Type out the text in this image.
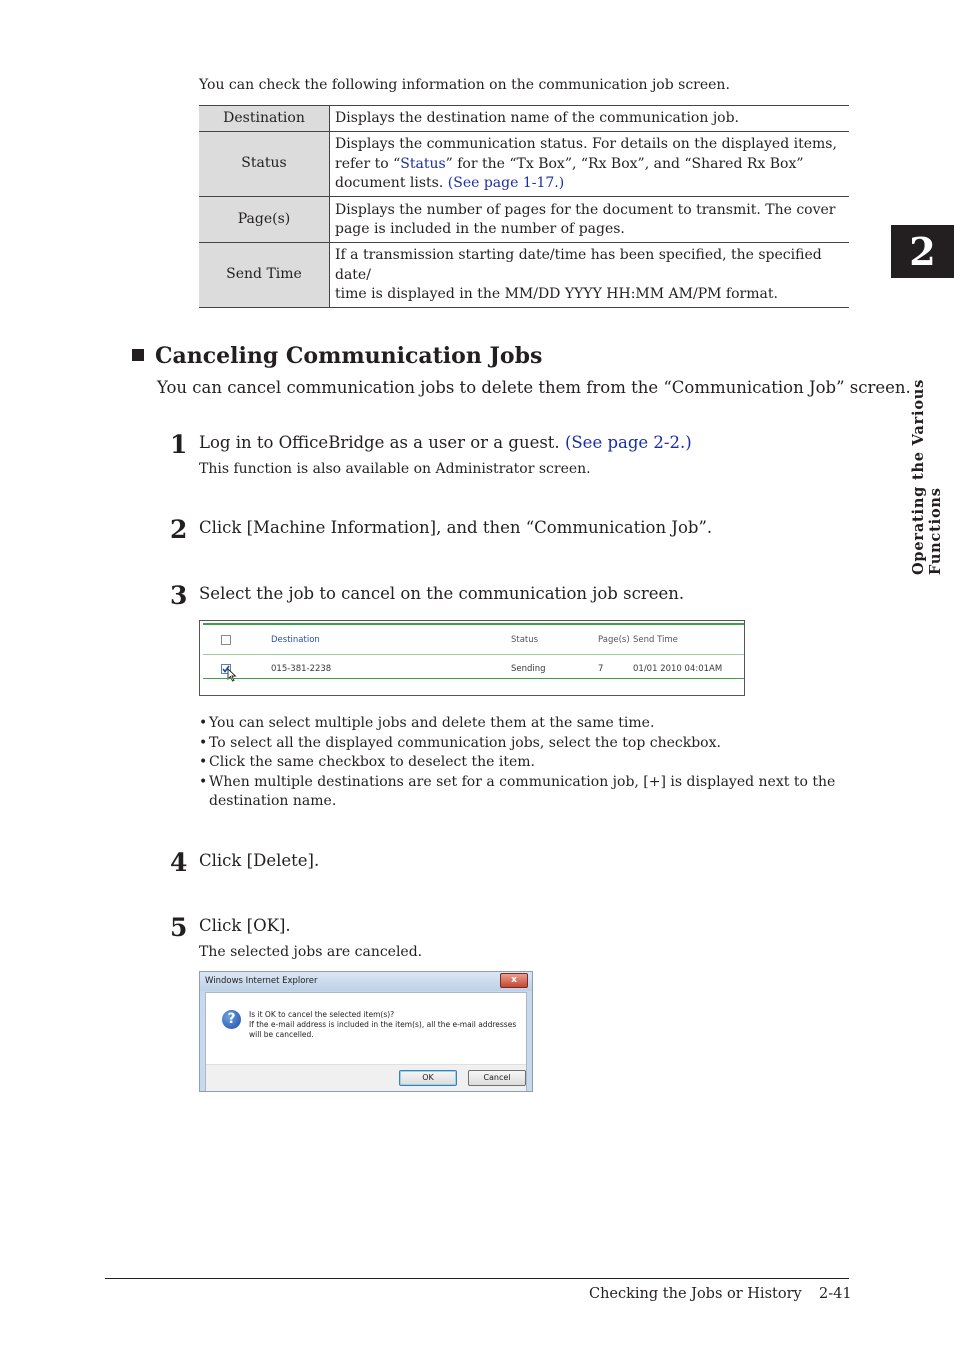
You can check the following information on the communication job screen.
Destination	Displays the destination name of the communication job.
Status	Displays the communication status. For details on the displayed items,
refer to “Status” for the “Tx Box”, “Rx Box”, and “Shared Rx Box”
document lists. (See page 1-17.)

Page(s)	Displays the number of pages for the document to transmit. The cover
page is included in the number of pages.

Send Time	If a transmission starting date/time has been specified, the specified date/
time is displayed in the MM/DD YYYY HH:MM AM/PM format.
2
Operating the Various Functions
Canceling Communication Jobs
You can cancel communication jobs to delete them from the “Communication Job” screen.
1 Log in to OfficeBridge as a user or a guest. (See page 2-2.)
This function is also available on Administrator screen.
2 Click [Machine Information], and then “Communication Job”.
3 Select the job to cancel on the communication job screen.
Destination	Status	Page(s) Send Time
015-381-2238	Sending	7	01/01 2010 04:01AM
• You can select multiple jobs and delete them at the same time.
• To select all the displayed communication jobs, select the top checkbox.
• Click the same checkbox to deselect the item.
• When multiple destinations are set for a communication job, [+] is displayed next to the destination name.
4 Click [Delete].
5 Click [OK].
The selected jobs are canceled.
Windows Internet Explorer	x
?	Is it OK to cancel the selected item(s)?
If the e-mail address is included in the item(s), all the e-mail addresses
will be cancelled.
OK	Cancel
Checking the Jobs or History 2-41
